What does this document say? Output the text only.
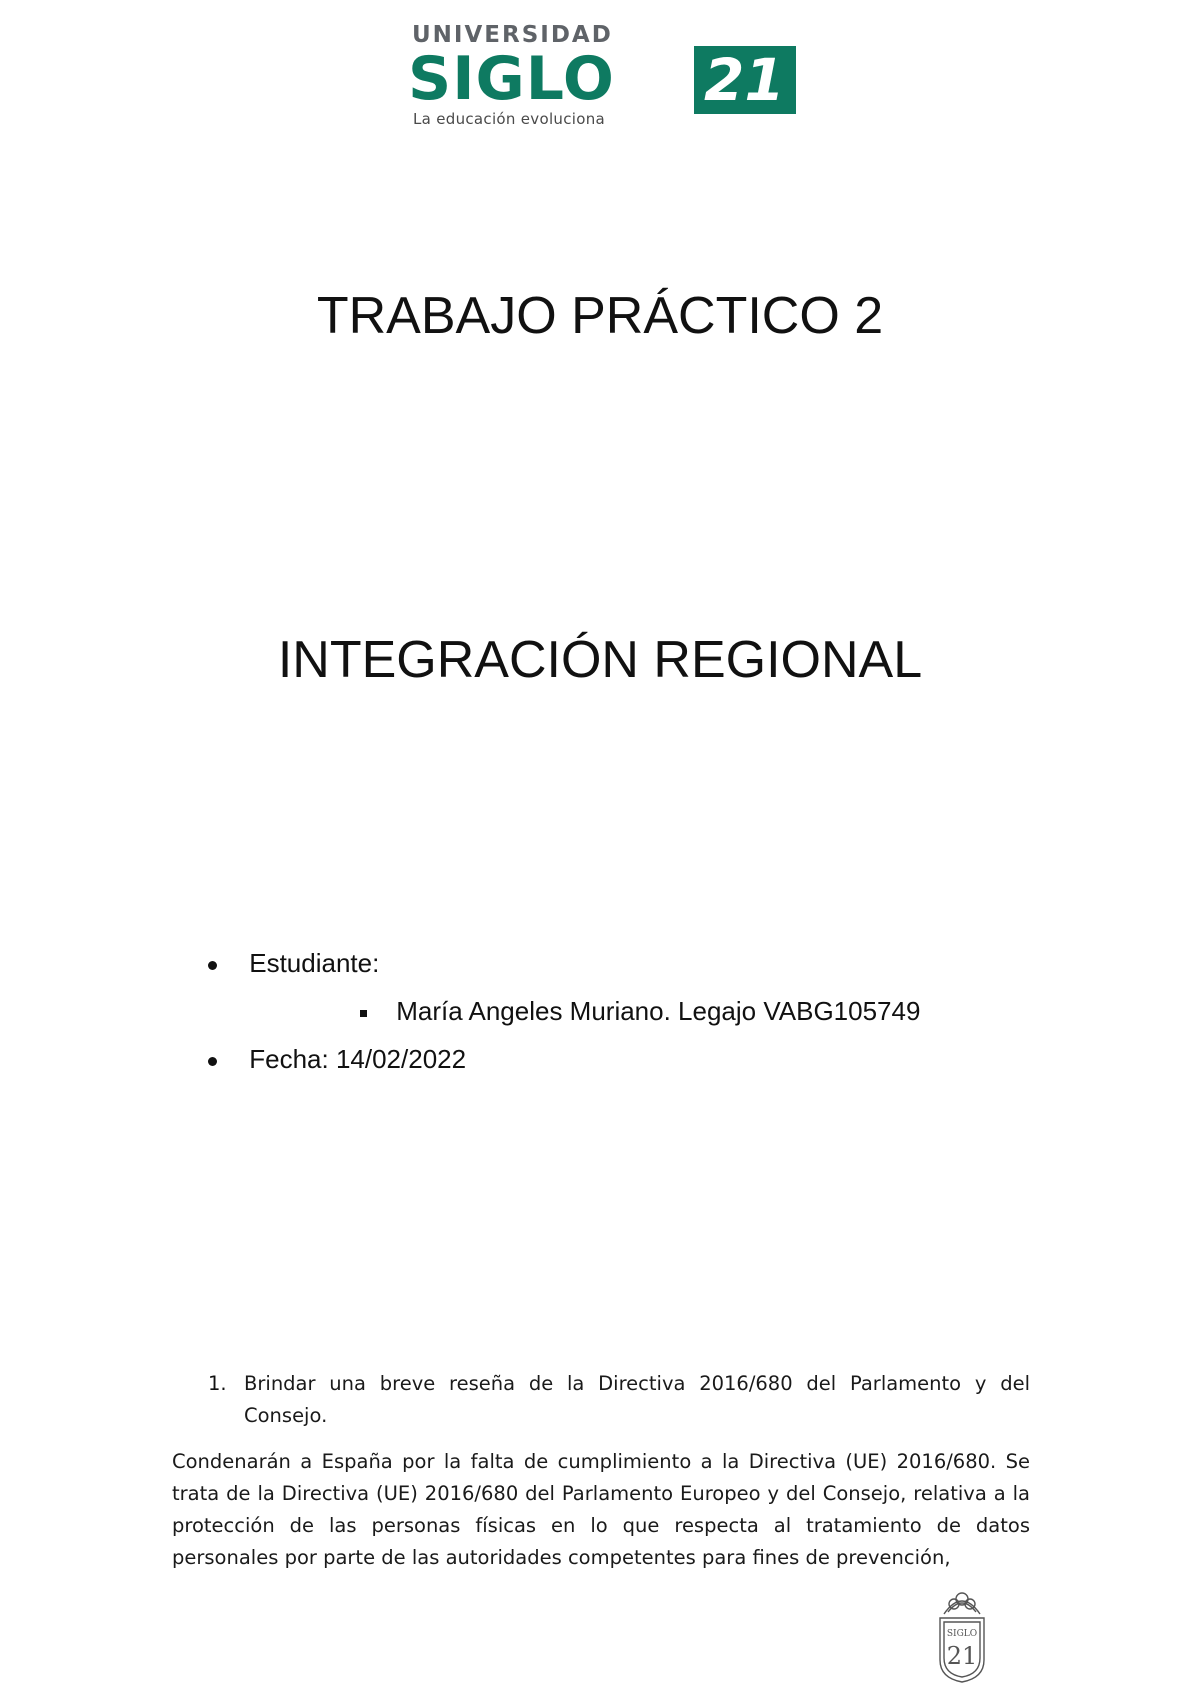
UNIVERSIDAD
SIGLO
La educación evoluciona
21
TRABAJO PRÁCTICO 2
INTEGRACIÓN REGIONAL
Estudiante:
María Angeles Muriano. Legajo VABG105749
Fecha: 14/02/2022
1. Brindar una breve reseña de la Directiva 2016/680 del Parlamento y del Consejo.

Condenarán a España por la falta de cumplimiento a la Directiva (UE) 2016/680. Se trata de la Directiva (UE) 2016/680 del Parlamento Europeo y del Consejo, relativa a la protección de las personas físicas en lo que respecta al tratamiento de datos personales por parte de las autoridades competentes para fines de prevención,

SIGLO
21
